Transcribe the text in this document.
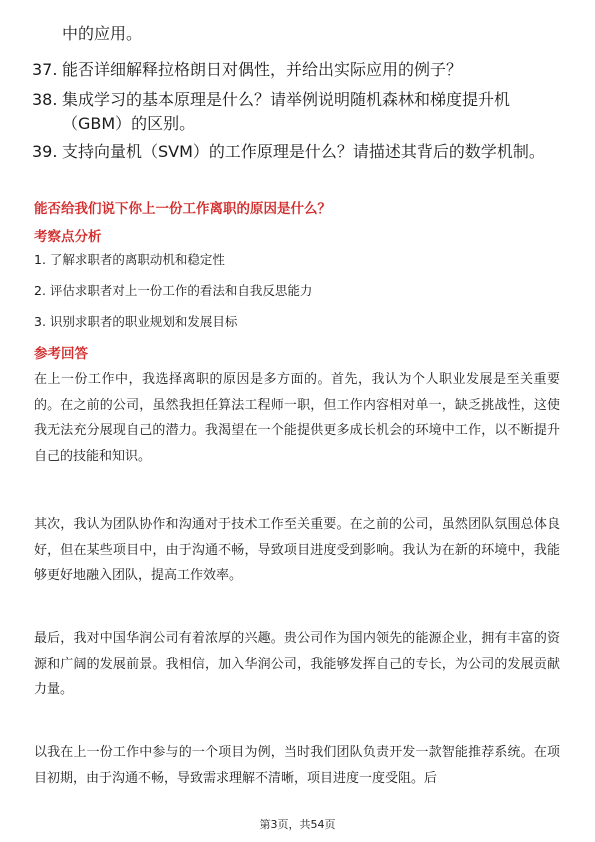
中的应用。
37. 能否详细解释拉格朗日对偶性，并给出实际应用的例子？
38. 集成学习的基本原理是什么？请举例说明随机森林和梯度提升机（GBM）的区别。
39. 支持向量机（SVM）的工作原理是什么？请描述其背后的数学机制。
能否给我们说下你上一份工作离职的原因是什么？
考察点分析
1. 了解求职者的离职动机和稳定性
2. 评估求职者对上一份工作的看法和自我反思能力
3. 识别求职者的职业规划和发展目标
参考回答
在上一份工作中，我选择离职的原因是多方面的。首先，我认为个人职业发展是至关重要的。在之前的公司，虽然我担任算法工程师一职，但工作内容相对单一，缺乏挑战性，这使我无法充分展现自己的潜力。我渴望在一个能提供更多成长机会的环境中工作，以不断提升自己的技能和知识。
其次，我认为团队协作和沟通对于技术工作至关重要。在之前的公司，虽然团队氛围总体良好，但在某些项目中，由于沟通不畅，导致项目进度受到影响。我认为在新的环境中，我能够更好地融入团队，提高工作效率。
最后，我对中国华润公司有着浓厚的兴趣。贵公司作为国内领先的能源企业，拥有丰富的资源和广阔的发展前景。我相信，加入华润公司，我能够发挥自己的专长，为公司的发展贡献力量。
以我在上一份工作中参与的一个项目为例，当时我们团队负责开发一款智能推荐系统。在项目初期，由于沟通不畅，导致需求理解不清晰，项目进度一度受阻。后
第3页，共54页
